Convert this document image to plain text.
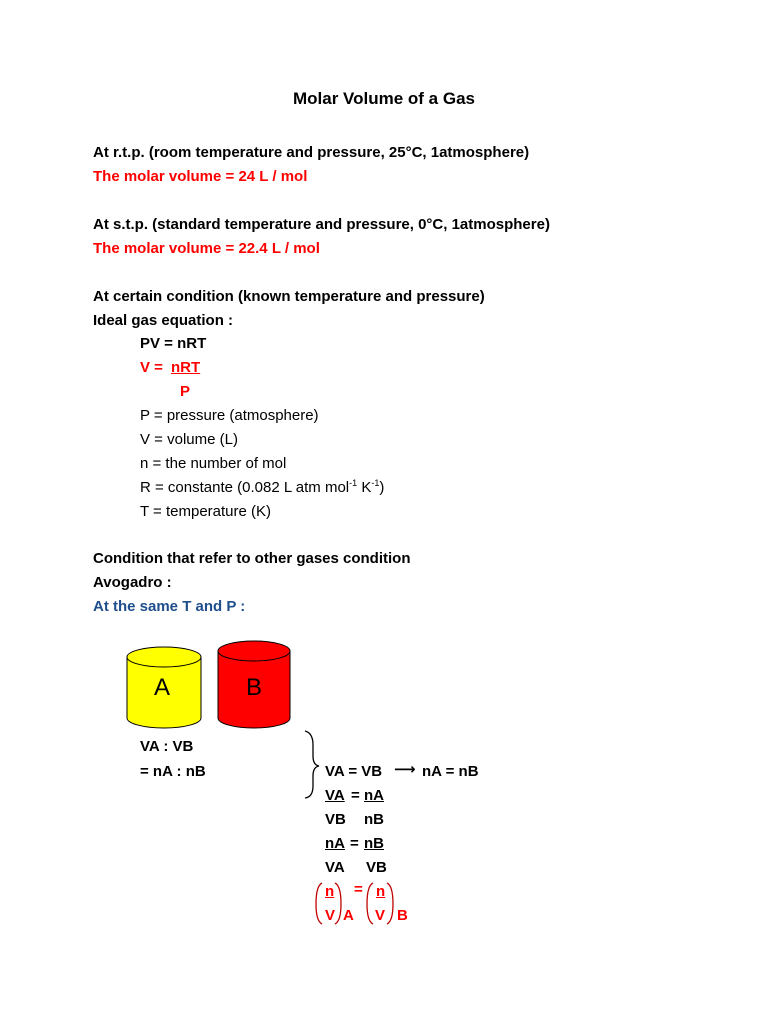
Molar Volume of a Gas
At r.t.p. (room temperature and pressure, 25°C, 1atmosphere)
The molar volume = 24 L / mol
At s.t.p. (standard temperature and pressure, 0°C, 1atmosphere)
The molar volume = 22.4 L / mol
At certain condition (known temperature and pressure)
Ideal gas equation :
PV = nRT
V = nRT
P
P = pressure (atmosphere)
V = volume (L)
n = the number of mol
R = constante (0.082 L atm mol$^{-1}$ $K^{-1}$)
T = temperature (K)
Condition that refer to other gases condition
Avogadro :
At the same T and P :
A	B
VA : VB
= nA : nB	VA = VB ⟶ nA = nB
VA = nA
VB nB
nA = nB
VA VB
n = n
V A V B
